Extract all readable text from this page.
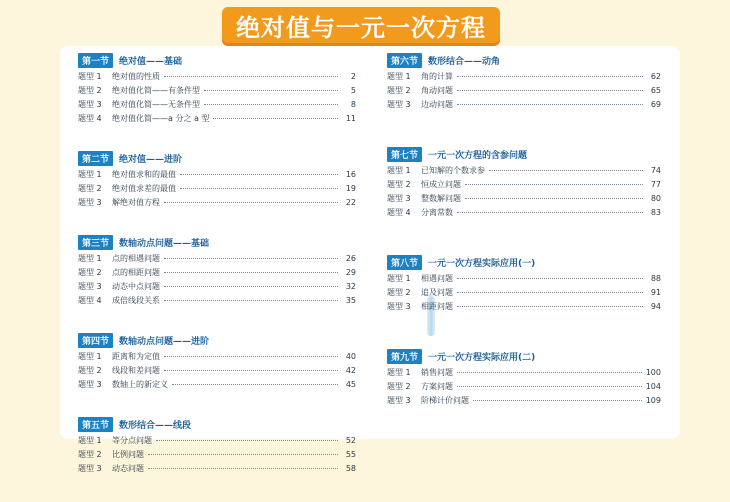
绝对值与一元一次方程
第一节	绝对值——基础
题型 1	绝对值的性质	2
题型 2	绝对值化简——有条件型	5
题型 3	绝对值化简——无条件型	8
题型 4	绝对值化简——a 分之 a 型	11
第二节	绝对值——进阶
题型 1	绝对值求和的最值	16
题型 2	绝对值求差的最值	19
题型 3	解绝对值方程	22
第三节	数轴动点问题——基础
题型 1	点的相遇问题	26
题型 2	点的相距问题	29
题型 3	动态中点问题	32
题型 4	成倍线段关系	35
第四节	数轴动点问题——进阶
题型 1	距离和为定值	40
题型 2	线段和差问题	42
题型 3	数轴上的新定义	45
第五节	数形结合——线段
题型 1	等分点问题	52
题型 2	比例问题	55
题型 3	动态问题	58
第六节	数形结合——动角
题型 1	角的计算	62
题型 2	角动问题	65
题型 3	边动问题	69
第七节	一元一次方程的含参问题
题型 1	已知解的个数求参	74
题型 2	恒成立问题	77
题型 3	整数解问题	80
题型 4	分离常数	83
第八节	一元一次方程实际应用(一)
题型 1	相遇问题	88
题型 2	追及问题	91
题型 3	相距问题	94
第九节	一元一次方程实际应用(二)
题型 1	销售问题	100
题型 2	方案问题	104
题型 3	阶梯计价问题	109
